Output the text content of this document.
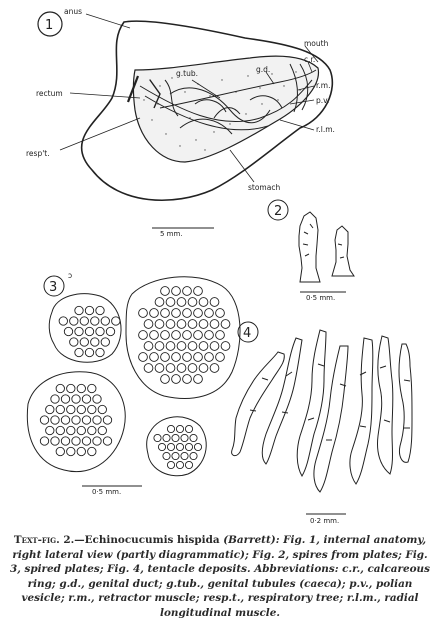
1
anus
mouth
c.r.
g.tub.	g.d.
r.m.
p.v.
rectum
r.l.m.
resp't.
stomach
5 mm.
2
0·5 mm.
3
ɔ
0·5 mm.
4
0·2 mm.
Text-fig. 2.—Echinocucumis hispida (Barrett): Fig. 1, internal anatomy, right lateral view (partly diagrammatic); Fig. 2, spires from plates; Fig. 3, spired plates; Fig. 4, tentacle deposits. Abbreviations: c.r., calcareous ring; g.d., genital duct; g.tub., genital tubules (caeca); p.v., polian vesicle; r.m., retractor muscle; resp.t., respiratory tree; r.l.m., radial longitudinal muscle.
